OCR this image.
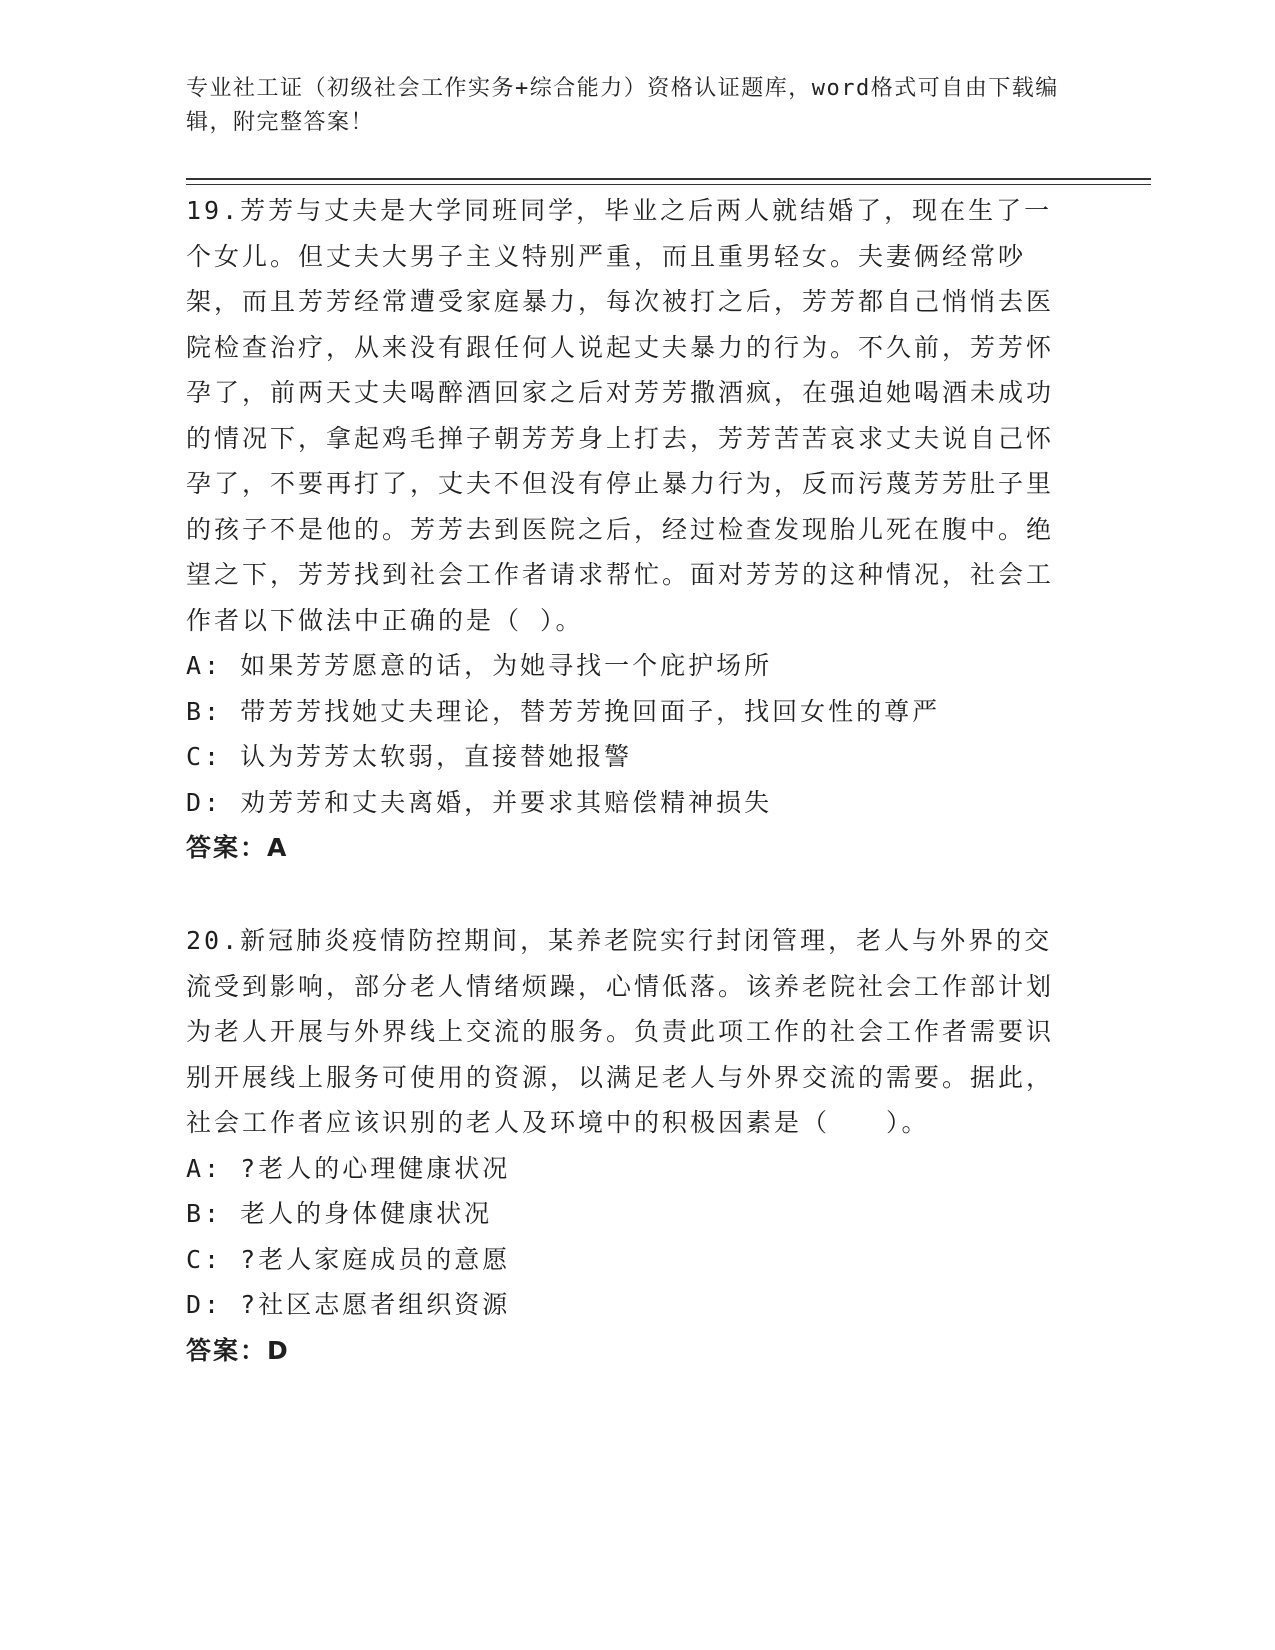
专业社工证（初级社会工作实务+综合能力）资格认证题库，word格式可自由下载编辑，附完整答案！

19.芳芳与丈夫是大学同班同学，毕业之后两人就结婚了，现在生了一个女儿。但丈夫大男子主义特别严重，而且重男轻女。夫妻俩经常吵架，而且芳芳经常遭受家庭暴力，每次被打之后，芳芳都自己悄悄去医院检查治疗，从来没有跟任何人说起丈夫暴力的行为。不久前，芳芳怀孕了，前两天丈夫喝醉酒回家之后对芳芳撒酒疯，在强迫她喝酒未成功的情况下，拿起鸡毛掸子朝芳芳身上打去，芳芳苦苦哀求丈夫说自己怀孕了，不要再打了，丈夫不但没有停止暴力行为，反而污蔑芳芳肚子里的孩子不是他的。芳芳去到医院之后，经过检查发现胎儿死在腹中。绝望之下，芳芳找到社会工作者请求帮忙。面对芳芳的这种情况，社会工作者以下做法中正确的是（ ）。

A: 如果芳芳愿意的话，为她寻找一个庇护场所

B: 带芳芳找她丈夫理论，替芳芳挽回面子，找回女性的尊严

C: 认为芳芳太软弱，直接替她报警

D: 劝芳芳和丈夫离婚，并要求其赔偿精神损失

答案：A

20.新冠肺炎疫情防控期间，某养老院实行封闭管理，老人与外界的交流受到影响，部分老人情绪烦躁，心情低落。该养老院社会工作部计划为老人开展与外界线上交流的服务。负责此项工作的社会工作者需要识别开展线上服务可使用的资源，以满足老人与外界交流的需要。据此，社会工作者应该识别的老人及环境中的积极因素是（　　）。

A: ?老人的心理健康状况

B: 老人的身体健康状况

C: ?老人家庭成员的意愿

D: ?社区志愿者组织资源

答案：D
